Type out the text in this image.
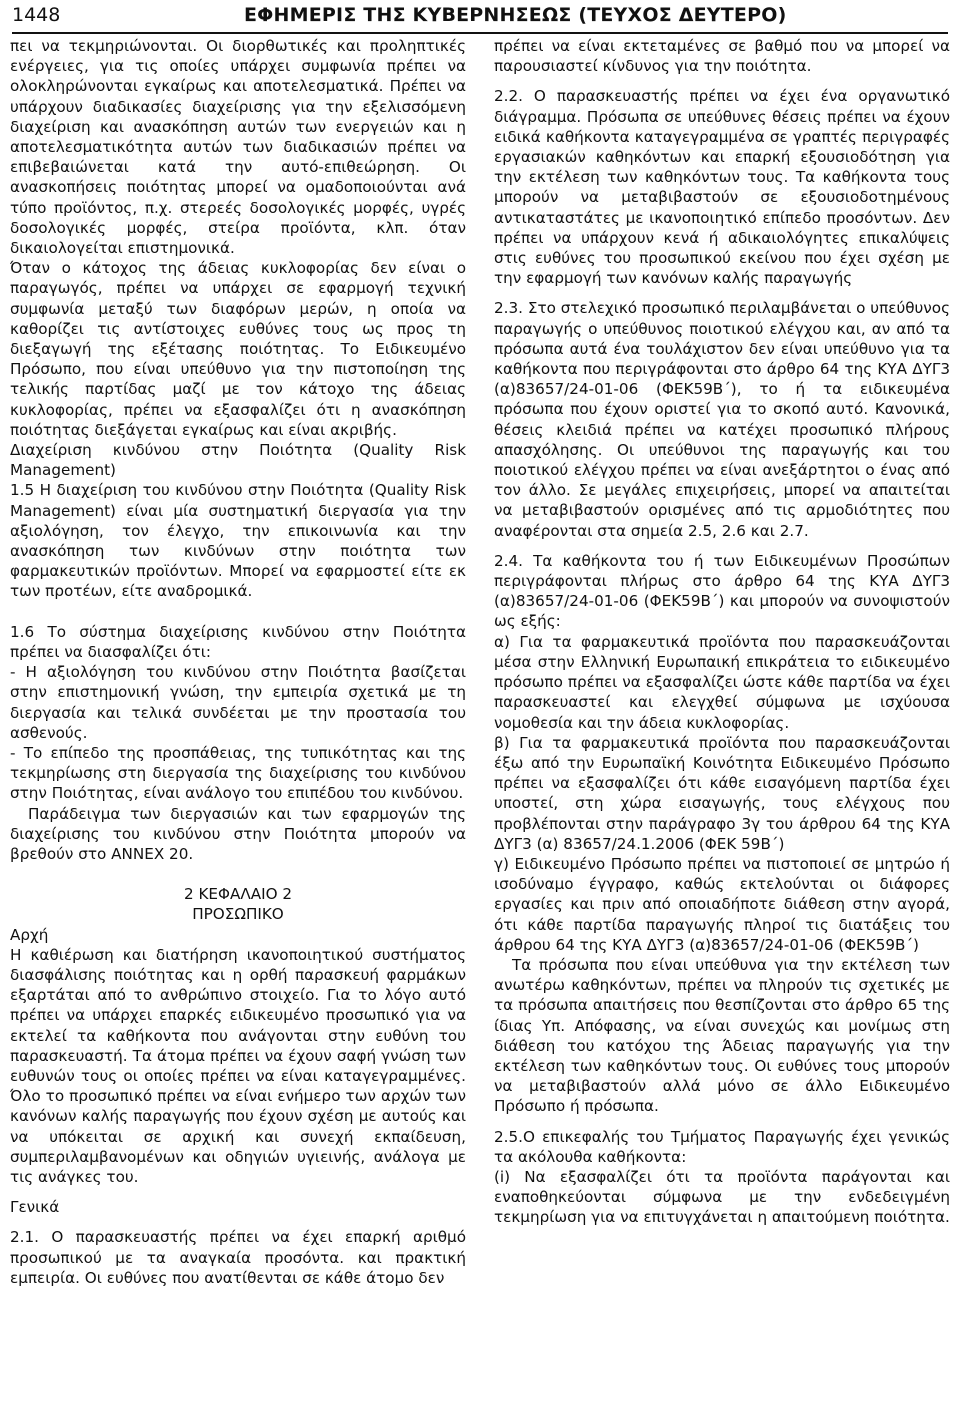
1448	ΕΦΗΜΕΡΙΣ ΤΗΣ ΚΥΒΕΡΝΗΣΕΩΣ (ΤΕΥΧΟΣ ΔΕΥΤΕΡΟ)

πει να τεκμηριώνονται. Οι διορθωτικές και προληπτικές ενέργειες, για τις οποίες υπάρχει συμφωνία πρέπει να ολοκληρώνονται εγκαίρως και αποτελεσματικά. Πρέπει να υπάρχουν διαδικασίες διαχείρισης για την εξελισσόμενη διαχείριση και ανασκόπηση αυτών των ενεργειών και η αποτελεσματικότητα αυτών των διαδικασιών πρέπει να επιβεβαιώνεται κατά την αυτό-επιθεώρηση. Οι ανασκοπήσεις ποιότητας μπορεί να ομαδοποιούνται ανά τύπο προϊόντος, π.χ. στερεές δοσολογικές μορφές, υγρές δοσολογικές μορφές, στείρα προϊόντα, κλπ. όταν δικαιολογείται επιστημονικά.

Όταν ο κάτοχος της άδειας κυκλοφορίας δεν είναι ο παραγωγός, πρέπει να υπάρχει σε εφαρμογή τεχνική συμφωνία μεταξύ των διαφόρων μερών, η οποία να καθορίζει τις αντίστοιχες ευθύνες τους ως προς τη διεξαγωγή της εξέτασης ποιότητας. Το Ειδικευμένο Πρόσωπο, που είναι υπεύθυνο για την πιστοποίηση της τελικής παρτίδας μαζί με τον κάτοχο της άδειας κυκλοφορίας, πρέπει να εξασφαλίζει ότι η ανασκόπηση ποιότητας διεξάγεται εγκαίρως και είναι ακριβής.

Διαχείριση κινδύνου στην Ποιότητα (Quality Risk Management)

1.5 Η διαχείριση του κινδύνου στην Ποιότητα (Quality Risk Management) είναι μία συστηματική διεργασία για την αξιολόγηση, τον έλεγχο, την επικοινωνία και την ανασκόπηση των κινδύνων στην ποιότητα των φαρμακευτικών προϊόντων. Μπορεί να εφαρμοστεί είτε εκ των προτέων, είτε αναδρομικά.

1.6 Το σύστημα διαχείρισης κινδύνου στην Ποιότητα πρέπει να διασφαλίζει ότι:

- Η αξιολόγηση του κινδύνου στην Ποιότητα βασίζεται στην επιστημονική γνώση, την εμπειρία σχετικά με τη διεργασία και τελικά συνδέεται με την προστασία του ασθενούς.

- Το επίπεδο της προσπάθειας, της τυπικότητας και της τεκμηρίωσης στη διεργασία της διαχείρισης του κινδύνου στην Ποιότητας, είναι ανάλογο του επιπέδου του κινδύνου.

Παράδειγμα των διεργασιών και των εφαρμογών της διαχείρισης του κινδύνου στην Ποιότητα μπορούν να βρεθούν στο ANNEX 20.

2 ΚΕΦΑΛΑΙΟ 2

ΠΡΟΣΩΠΙΚΟ

Αρχή

Η καθιέρωση και διατήρηση ικανοποιητικού συστήματος διασφάλισης ποιότητας και η ορθή παρασκευή φαρμάκων εξαρτάται από το ανθρώπινο στοιχείο. Για το λόγο αυτό πρέπει να υπάρχει επαρκές ειδικευμένο προσωπικό για να εκτελεί τα καθήκοντα που ανάγονται στην ευθύνη του παρασκευαστή. Τα άτομα πρέπει να έχουν σαφή γνώση των ευθυνών τους οι οποίες πρέπει να είναι καταγεγραμμένες. Όλο το προσωπικό πρέπει να είναι ενήμερο των αρχών των κανόνων καλής παραγωγής που έχουν σχέση με αυτούς και να υπόκειται σε αρχική και συνεχή εκπαίδευση, συμπεριλαμβανομένων και οδηγιών υγιεινής, ανάλογα με τις ανάγκες του.

Γενικά

2.1. Ο παρασκευαστής πρέπει να έχει επαρκή αριθμό προσωπικού με τα αναγκαία προσόντα. και πρακτική εμπειρία. Οι ευθύνες που ανατίθενται σε κάθε άτομο δεν

πρέπει να είναι εκτεταμένες σε βαθμό που να μπορεί να παρουσιαστεί κίνδυνος για την ποιότητα.

2.2. Ο παρασκευαστής πρέπει να έχει ένα οργανωτικό διάγραμμα. Πρόσωπα σε υπεύθυνες θέσεις πρέπει να έχουν ειδικά καθήκοντα καταγεγραμμένα σε γραπτές περιγραφές εργασιακών καθηκόντων και επαρκή εξουσιοδότηση για την εκτέλεση των καθηκόντων τους. Τα καθήκοντα τους μπορούν να μεταβιβαστούν σε εξουσιοδοτημένους αντικαταστάτες με ικανοποιητικό επίπεδο προσόντων. Δεν πρέπει να υπάρχουν κενά ή αδικαιολόγητες επικαλύψεις στις ευθύνες του προσωπικού εκείνου που έχει σχέση με την εφαρμογή των κανόνων καλής παραγωγής

2.3. Στο στελεχικό προσωπικό περιλαμβάνεται ο υπεύθυνος παραγωγής ο υπεύθυνος ποιοτικού ελέγχου και, αν από τα πρόσωπα αυτά ένα τουλάχιστον δεν είναι υπεύθυνο για τα καθήκοντα που περιγράφονται στο άρθρο 64 της ΚΥΑ ΔΥΓ3 (α)83657/24-01-06 (ΦΕΚ59Β΄), το ή τα ειδικευμένα πρόσωπα που έχουν οριστεί για το σκοπό αυτό. Κανονικά, θέσεις κλειδιά πρέπει να κατέχει προσωπικό πλήρους απασχόλησης. Οι υπεύθυνοι της παραγωγής και του ποιοτικού ελέγχου πρέπει να είναι ανεξάρτητοι ο ένας από τον άλλο. Σε μεγάλες επιχειρήσεις, μπορεί να απαιτείται να μεταβιβαστούν ορισμένες από τις αρμοδιότητες που αναφέρονται στα σημεία 2.5, 2.6 και 2.7.

2.4. Τα καθήκοντα του ή των Ειδικευμένων Προσώπων περιγράφονται πλήρως στο άρθρο 64 της ΚΥΑ ΔΥΓ3 (α)83657/24-01-06 (ΦΕΚ59Β΄) και μπορούν να συνοψιστούν ως εξής:

α) Για τα φαρμακευτικά προϊόντα που παρασκευάζονται μέσα στην Ελληνική Ευρωπαική επικράτεια το ειδικευμένο πρόσωπο πρέπει να εξασφαλίζει ώστε κάθε παρτίδα να έχει παρασκευαστεί και ελεγχθεί σύμφωνα με ισχύουσα νομοθεσία και την άδεια κυκλοφορίας.

β) Για τα φαρμακευτικά προϊόντα που παρασκευάζονται έξω από την Ευρωπαϊκή Κοινότητα Ειδικευμένο Πρόσωπο πρέπει να εξασφαλίζει ότι κάθε εισαγόμενη παρτίδα έχει υποστεί, στη χώρα εισαγωγής, τους ελέγχους που προβλέπονται στην παράγραφο 3γ του άρθρου 64 της ΚΥΑ ΔΥΓ3 (α) 83657/24.1.2006 (ΦΕΚ 59Β΄)

γ) Ειδικευμένο Πρόσωπο πρέπει να πιστοποιεί σε μητρώο ή ισοδύναμο έγγραφο, καθώς εκτελούνται οι διάφορες εργασίες και πριν από οποιαδήποτε διάθεση στην αγορά, ότι κάθε παρτίδα παραγωγής πληροί τις διατάξεις του άρθρου 64 της ΚΥΑ ΔΥΓ3 (α)83657/24-01-06 (ΦΕΚ59Β΄)

Τα πρόσωπα που είναι υπεύθυνα για την εκτέλεση των ανωτέρω καθηκόντων, πρέπει να πληρούν τις σχετικές με τα πρόσωπα απαιτήσεις που θεσπίζονται στο άρθρο 65 της ίδιας Υπ. Απόφασης, να είναι συνεχώς και μονίμως στη διάθεση του κατόχου της Άδειας παραγωγής για την εκτέλεση των καθηκόντων τους. Οι ευθύνες τους μπορούν να μεταβιβαστούν αλλά μόνο σε άλλο Ειδικευμένο Πρόσωπο ή πρόσωπα.

2.5.Ο επικεφαλής του Τμήματος Παραγωγής έχει γενικώς τα ακόλουθα καθήκοντα:

(i) Να εξασφαλίζει ότι τα προϊόντα παράγονται και εναποθηκεύονται σύμφωνα με την ενδεδειγμένη τεκμηρίωση για να επιτυγχάνεται η απαιτούμενη ποιότητα.
